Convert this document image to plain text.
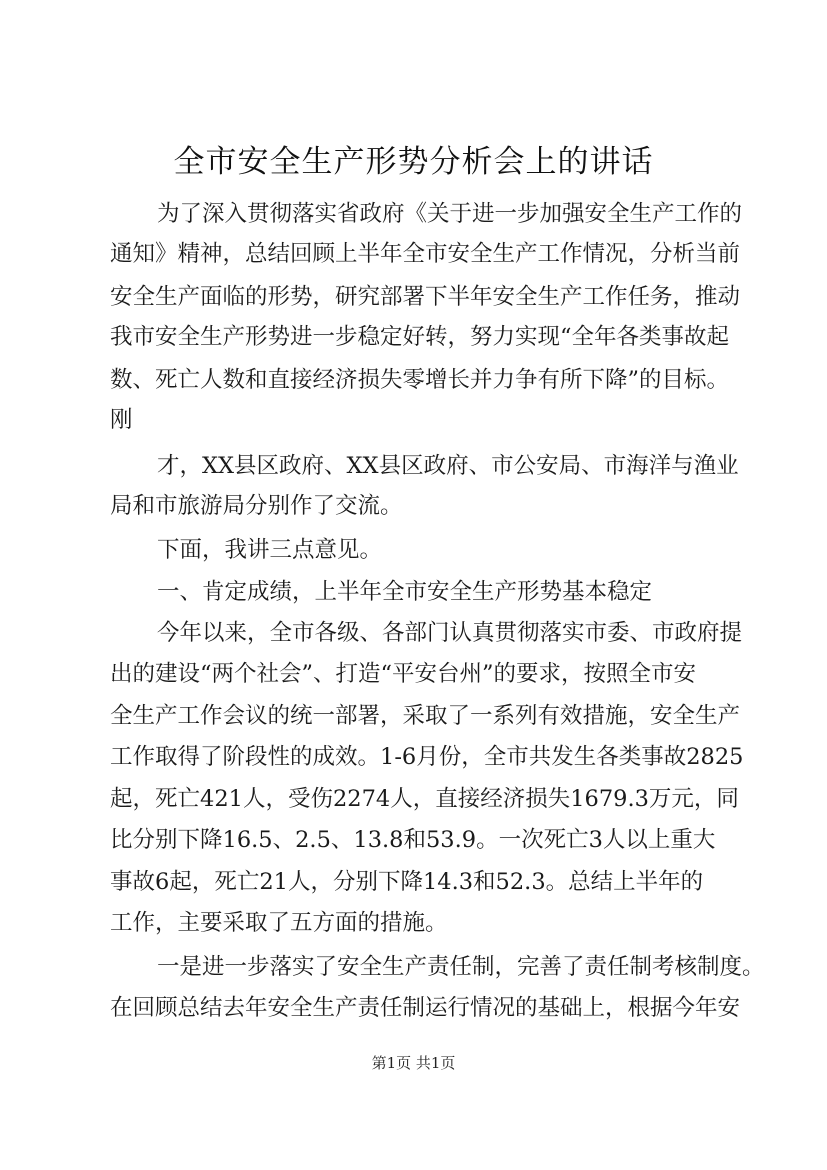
全市安全生产形势分析会上的讲话
为了深入贯彻落实省政府《关于进一步加强安全生产工作的
通知》精神，总结回顾上半年全市安全生产工作情况，分析当前
安全生产面临的形势，研究部署下半年安全生产工作任务，推动
我市安全生产形势进一步稳定好转，努力实现“全年各类事故起
数、死亡人数和直接经济损失零增长并力争有所下降”的目标。
刚
才，XX县区政府、XX县区政府、市公安局、市海洋与渔业
局和市旅游局分别作了交流。
下面，我讲三点意见。
一、肯定成绩，上半年全市安全生产形势基本稳定
今年以来，全市各级、各部门认真贯彻落实市委、市政府提
出的建设“两个社会”、打造“平安台州”的要求，按照全市安
全生产工作会议的统一部署，采取了一系列有效措施，安全生产
工作取得了阶段性的成效。1-6月份，全市共发生各类事故2825
起，死亡421人，受伤2274人，直接经济损失1679.3万元，同
比分别下降16.5、2.5、13.8和53.9。一次死亡3人以上重大
事故6起，死亡21人，分别下降14.3和52.3。总结上半年的
工作，主要采取了五方面的措施。
一是进一步落实了安全生产责任制，完善了责任制考核制度。
在回顾总结去年安全生产责任制运行情况的基础上，根据今年安
第1页 共1页
